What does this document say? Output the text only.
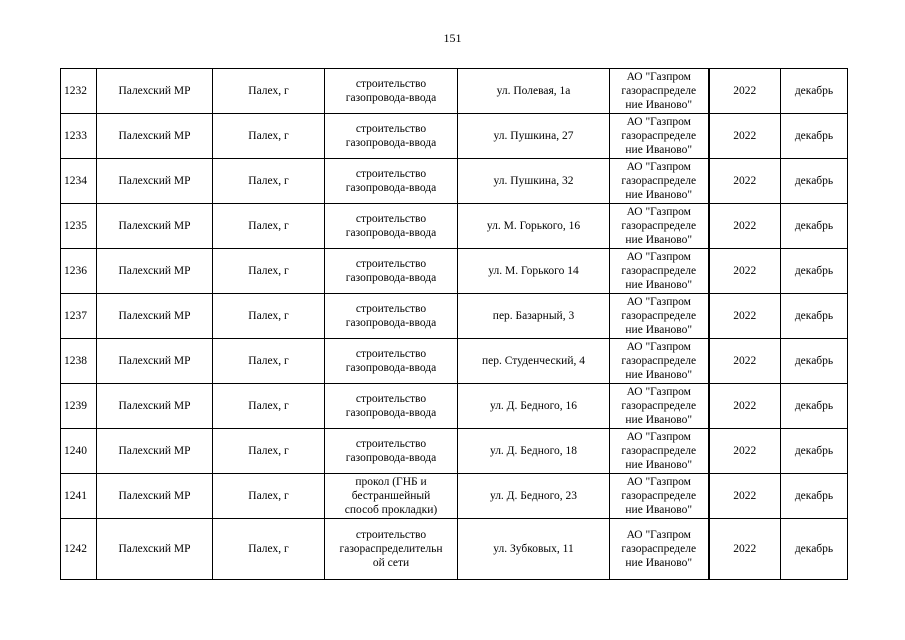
151
1232	Палехский МР	Палех, г	строительство
газопровода-ввода	ул. Полевая, 1а	АО "Газпром
газораспределе
ние Иваново"	2022	декабрь
1233	Палехский МР	Палех, г	строительство
газопровода-ввода	ул. Пушкина, 27	АО "Газпром
газораспределе
ние Иваново"	2022	декабрь
1234	Палехский МР	Палех, г	строительство
газопровода-ввода	ул. Пушкина, 32	АО "Газпром
газораспределе
ние Иваново"	2022	декабрь
1235	Палехский МР	Палех, г	строительство
газопровода-ввода	ул. М. Горького, 16	АО "Газпром
газораспределе
ние Иваново"	2022	декабрь
1236	Палехский МР	Палех, г	строительство
газопровода-ввода	ул. М. Горького 14	АО "Газпром
газораспределе
ние Иваново"	2022	декабрь
1237	Палехский МР	Палех, г	строительство
газопровода-ввода	пер. Базарный, 3	АО "Газпром
газораспределе
ние Иваново"	2022	декабрь
1238	Палехский МР	Палех, г	строительство
газопровода-ввода	пер. Студенческий, 4	АО "Газпром
газораспределе
ние Иваново"	2022	декабрь
1239	Палехский МР	Палех, г	строительство
газопровода-ввода	ул. Д. Бедного, 16	АО "Газпром
газораспределе
ние Иваново"	2022	декабрь
1240	Палехский МР	Палех, г	строительство
газопровода-ввода	ул. Д. Бедного, 18	АО "Газпром
газораспределе
ние Иваново"	2022	декабрь
1241	Палехский МР	Палех, г	прокол (ГНБ и
бестраншейный
способ прокладки)	ул. Д. Бедного, 23	АО "Газпром
газораспределе
ние Иваново"	2022	декабрь
1242	Палехский МР	Палех, г	строительство
газораспределительн
ой сети	ул. Зубковых, 11	АО "Газпром
газораспределе
ние Иваново"	2022	декабрь
